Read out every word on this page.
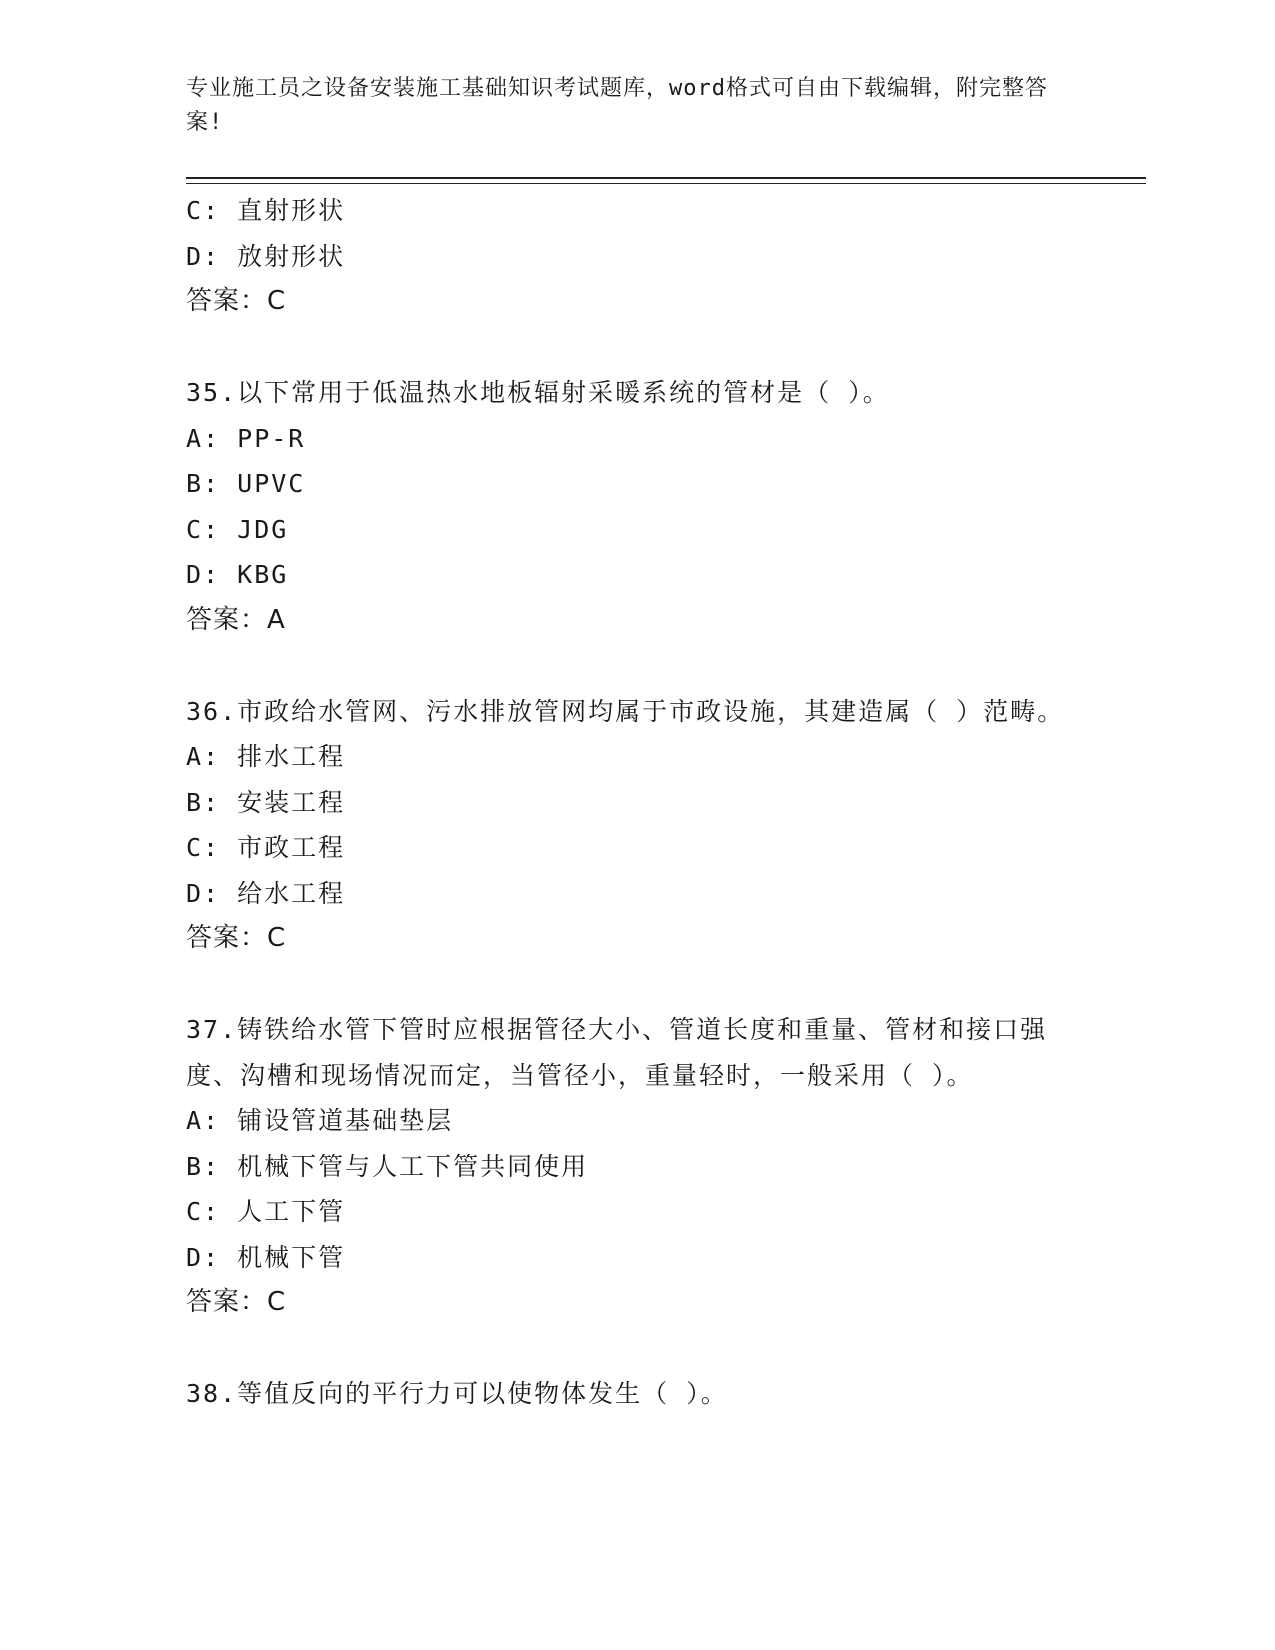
专业施工员之设备安装施工基础知识考试题库，word格式可自由下载编辑，附完整答案!
C: 直射形状
D: 放射形状
答案：C
35.以下常用于低温热水地板辐射采暖系统的管材是（ ）。
A: PP-R
B: UPVC
C: JDG
D: KBG
答案：A
36.市政给水管网、污水排放管网均属于市政设施，其建造属（ ）范畴。
A: 排水工程
B: 安装工程
C: 市政工程
D: 给水工程
答案：C
37.铸铁给水管下管时应根据管径大小、管道长度和重量、管材和接口强度、沟槽和现场情况而定，当管径小，重量轻时，一般采用（ ）。
A: 铺设管道基础垫层
B: 机械下管与人工下管共同使用
C: 人工下管
D: 机械下管
答案：C
38.等值反向的平行力可以使物体发生（ ）。
